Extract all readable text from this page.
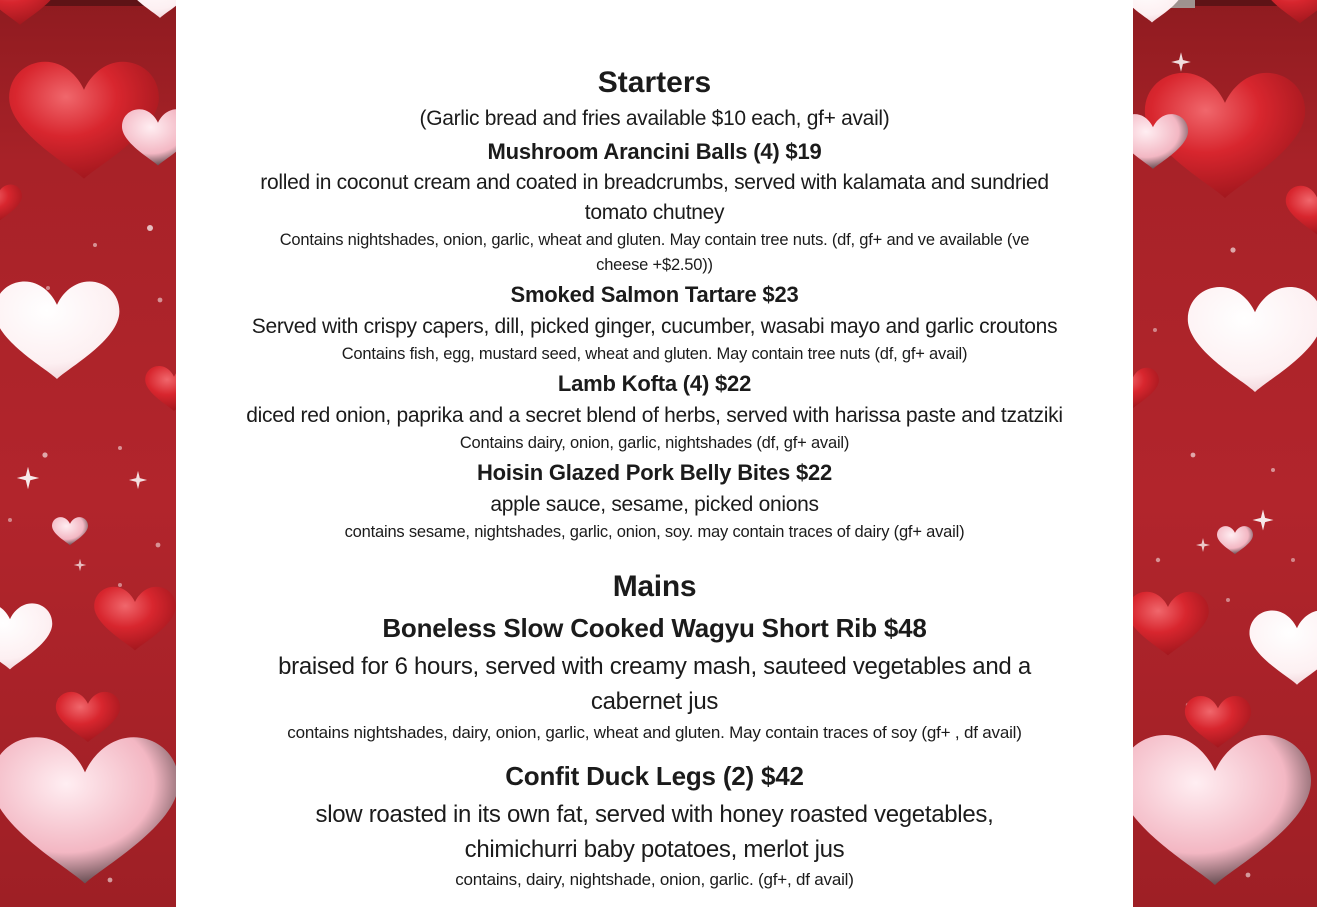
Starters
(Garlic bread and fries available $10 each, gf+ avail)
Mushroom Arancini Balls (4) $19
rolled in coconut cream and coated in breadcrumbs, served with kalamata and sundried
tomato chutney
Contains nightshades, onion, garlic, wheat and gluten. May contain tree nuts. (df, gf+ and ve available (ve
cheese +$2.50))
Smoked Salmon Tartare $23
Served with crispy capers, dill, picked ginger, cucumber, wasabi mayo and garlic croutons
Contains fish, egg, mustard seed, wheat and gluten. May contain tree nuts (df, gf+ avail)
Lamb Kofta (4) $22
diced red onion, paprika and a secret blend of herbs, served with harissa paste and tzatziki
Contains dairy, onion, garlic, nightshades (df, gf+ avail)
Hoisin Glazed Pork Belly Bites $22
apple sauce, sesame, picked onions
contains sesame, nightshades, garlic, onion, soy. may contain traces of dairy (gf+ avail)
Mains
Boneless Slow Cooked Wagyu Short Rib $48
braised for 6 hours, served with creamy mash, sauteed vegetables and a
cabernet jus
contains nightshades, dairy, onion, garlic, wheat and gluten. May contain traces of soy (gf+ , df avail)
Confit Duck Legs (2) $42
slow roasted in its own fat, served with honey roasted vegetables,
chimichurri baby potatoes, merlot jus
contains, dairy, nightshade, onion, garlic. (gf+, df avail)
